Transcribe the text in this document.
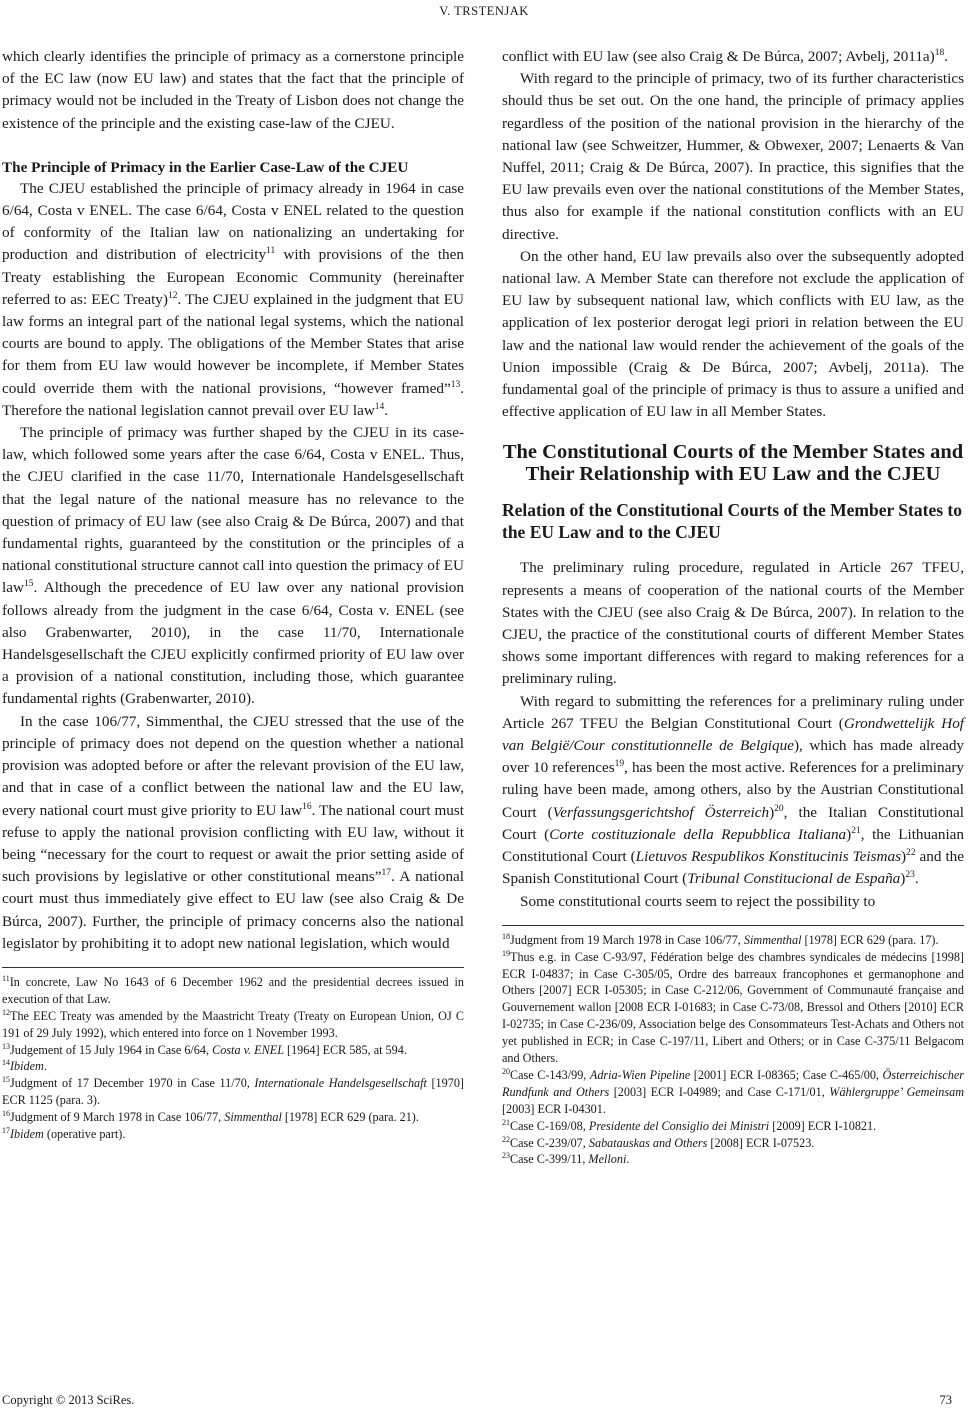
V. TRSTENJAK

which clearly identifies the principle of primacy as a cornerstone principle of the EC law (now EU law) and states that the fact that the principle of primacy would not be included in the Treaty of Lisbon does not change the existence of the principle and the existing case-law of the CJEU.

The Principle of Primacy in the Earlier Case-Law of the CJEU

The CJEU established the principle of primacy already in 1964 in case 6/64, Costa v ENEL. The case 6/64, Costa v ENEL related to the question of conformity of the Italian law on nationalizing an undertaking for production and distribution of electricity$^{11}$ with provisions of the then Treaty establishing the European Economic Community (hereinafter referred to as: EEC Treaty)$^{12}$. The CJEU explained in the judgment that EU law forms an integral part of the national legal systems, which the national courts are bound to apply. The obligations of the Member States that arise for them from EU law would however be incomplete, if Member States could override them with the national provisions, “however framed”$^{13}$. Therefore the national legislation cannot prevail over EU law$^{14}$.

The principle of primacy was further shaped by the CJEU in its case-law, which followed some years after the case 6/64, Costa v ENEL. Thus, the CJEU clarified in the case 11/70, Internationale Handelsgesellschaft that the legal nature of the national measure has no relevance to the question of primacy of EU law (see also Craig & De Búrca, 2007) and that fundamental rights, guaranteed by the constitution or the principles of a national constitutional structure cannot call into question the primacy of EU law$^{15}$. Although the precedence of EU law over any national provision follows already from the judgment in the case 6/64, Costa v. ENEL (see also Grabenwarter, 2010), in the case 11/70, Internationale Handelsgesellschaft the CJEU explicitly confirmed priority of EU law over a provision of a national constitution, including those, which guarantee fundamental rights (Grabenwarter, 2010).

In the case 106/77, Simmenthal, the CJEU stressed that the use of the principle of primacy does not depend on the question whether a national provision was adopted before or after the relevant provision of the EU law, and that in case of a conflict between the national law and the EU law, every national court must give priority to EU law$^{16}$. The national court must refuse to apply the national provision conflicting with EU law, without it being “necessary for the court to request or await the prior setting aside of such provisions by legislative or other constitutional means”$^{17}$. A national court must thus immediately give effect to EU law (see also Craig & De Búrca, 2007). Further, the principle of primacy concerns also the national legislator by prohibiting it to adopt new national legislation, which would

$^{11}$In concrete, Law No 1643 of 6 December 1962 and the presidential decrees issued in execution of that Law.

$^{12}$The EEC Treaty was amended by the Maastricht Treaty (Treaty on European Union, OJ C 191 of 29 July 1992), which entered into force on 1 November 1993.

$^{13}$Judgement of 15 July 1964 in Case 6/64, Costa v. ENEL [1964] ECR 585, at 594.

$^{14}$Ibidem.

$^{15}$Judgment of 17 December 1970 in Case 11/70, Internationale Handelsgesellschaft [1970] ECR 1125 (para. 3).

$^{16}$Judgment of 9 March 1978 in Case 106/77, Simmenthal [1978] ECR 629 (para. 21).

$^{17}$Ibidem (operative part).

conflict with EU law (see also Craig & De Búrca, 2007; Avbelj, 2011a)$^{18}$.

With regard to the principle of primacy, two of its further characteristics should thus be set out. On the one hand, the principle of primacy applies regardless of the position of the national provision in the hierarchy of the national law (see Schweitzer, Hummer, & Obwexer, 2007; Lenaerts & Van Nuffel, 2011; Craig & De Búrca, 2007). In practice, this signifies that the EU law prevails even over the national constitutions of the Member States, thus also for example if the national constitution conflicts with an EU directive.

On the other hand, EU law prevails also over the subsequently adopted national law. A Member State can therefore not exclude the application of EU law by subsequent national law, which conflicts with EU law, as the application of lex posterior derogat legi priori in relation between the EU law and the national law would render the achievement of the goals of the Union impossible (Craig & De Búrca, 2007; Avbelj, 2011a). The fundamental goal of the principle of primacy is thus to assure a unified and effective application of EU law in all Member States.

The Constitutional Courts of the Member States and Their Relationship with EU Law and the CJEU
Relation of the Constitutional Courts of the Member States to the EU Law and to the CJEU

The preliminary ruling procedure, regulated in Article 267 TFEU, represents a means of cooperation of the national courts of the Member States with the CJEU (see also Craig & De Búrca, 2007). In relation to the CJEU, the practice of the constitutional courts of different Member States shows some important differences with regard to making references for a preliminary ruling.

With regard to submitting the references for a preliminary ruling under Article 267 TFEU the Belgian Constitutional Court (Grondwettelijk Hof van België/Cour constitutionnelle de Belgique), which has made already over 10 references$^{19}$, has been the most active. References for a preliminary ruling have been made, among others, also by the Austrian Constitutional Court (Verfassungsgerichtshof Österreich)$^{20}$, the Italian Constitutional Court (Corte costituzionale della Repubblica Italiana)$^{21}$, the Lithuanian Constitutional Court (Lietuvos Respublikos Konstitucinis Teismas)$^{22}$ and the Spanish Constitutional Court (Tribunal Constitucional de España)$^{23}$.

Some constitutional courts seem to reject the possibility to

$^{18}$Judgment from 19 March 1978 in Case 106/77, Simmenthal [1978] ECR 629 (para. 17).

$^{19}$Thus e.g. in Case C-93/97, Fédération belge des chambres syndicales de médecins [1998] ECR I-04837; in Case C-305/05, Ordre des barreaux francophones et germanophone and Others [2007] ECR I-05305; in Case C-212/06, Government of Communauté française and Gouvernement wallon [2008 ECR I-01683; in Case C-73/08, Bressol and Others [2010] ECR I-02735; in Case C-236/09, Association belge des Consommateurs Test-Achats and Others not yet published in ECR; in Case C-197/11, Libert and Others; or in Case C-375/11 Belgacom and Others.

$^{20}$Case C-143/99, Adria-Wien Pipeline [2001] ECR I-08365; Case C-465/00, Österreichischer Rundfunk and Others [2003] ECR I-04989; and Case C-171/01, Wählergruppe’ Gemeinsam [2003] ECR I-04301.

$^{21}$Case C-169/08, Presidente del Consiglio dei Ministri [2009] ECR I-10821.

$^{22}$Case C-239/07, Sabatauskas and Others [2008] ECR I-07523.

$^{23}$Case C-399/11, Melloni.

Copyright © 2013 SciRes.	73
